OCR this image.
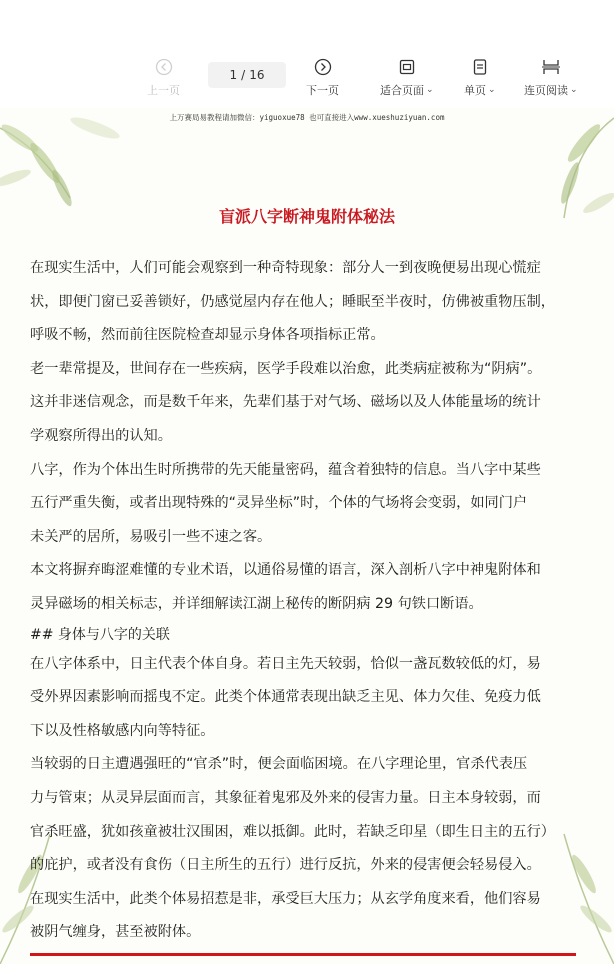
上一页
1 / 16
下一页	适合页面 ⌄	单页 ⌄	连页阅读 ⌄
上万赛局易教程请加微信：yiguoxue78 也可直接进入www.xueshuziyuan.com
盲派八字断神鬼附体秘法

在现实生活中，人们可能会观察到一种奇特现象：部分人一到夜晚便易出现心慌症

状，即便门窗已妥善锁好，仍感觉屋内存在他人；睡眠至半夜时，仿佛被重物压制，

呼吸不畅，然而前往医院检查却显示身体各项指标正常。

老一辈常提及，世间存在一些疾病，医学手段难以治愈，此类病症被称为“阴病”。

这并非迷信观念，而是数千年来，先辈们基于对气场、磁场以及人体能量场的统计

学观察所得出的认知。

八字，作为个体出生时所携带的先天能量密码，蕴含着独特的信息。当八字中某些

五行严重失衡，或者出现特殊的“灵异坐标”时，个体的气场将会变弱，如同门户

未关严的居所，易吸引一些不速之客。

本文将摒弃晦涩难懂的专业术语，以通俗易懂的语言，深入剖析八字中神鬼附体和

灵异磁场的相关标志，并详细解读江湖上秘传的断阴病 29 句铁口断语。

## 身体与八字的关联

在八字体系中，日主代表个体自身。若日主先天较弱，恰似一盏瓦数较低的灯，易

受外界因素影响而摇曳不定。此类个体通常表现出缺乏主见、体力欠佳、免疫力低

下以及性格敏感内向等特征。

当较弱的日主遭遇强旺的“官杀”时，便会面临困境。在八字理论里，官杀代表压

力与管束；从灵异层面而言，其象征着鬼邪及外来的侵害力量。日主本身较弱，而

官杀旺盛，犹如孩童被壮汉围困，难以抵御。此时，若缺乏印星（即生日主的五行）

的庇护，或者没有食伤（日主所生的五行）进行反抗，外来的侵害便会轻易侵入。

在现实生活中，此类个体易招惹是非，承受巨大压力；从玄学角度来看，他们容易

被阴气缠身，甚至被附体。
